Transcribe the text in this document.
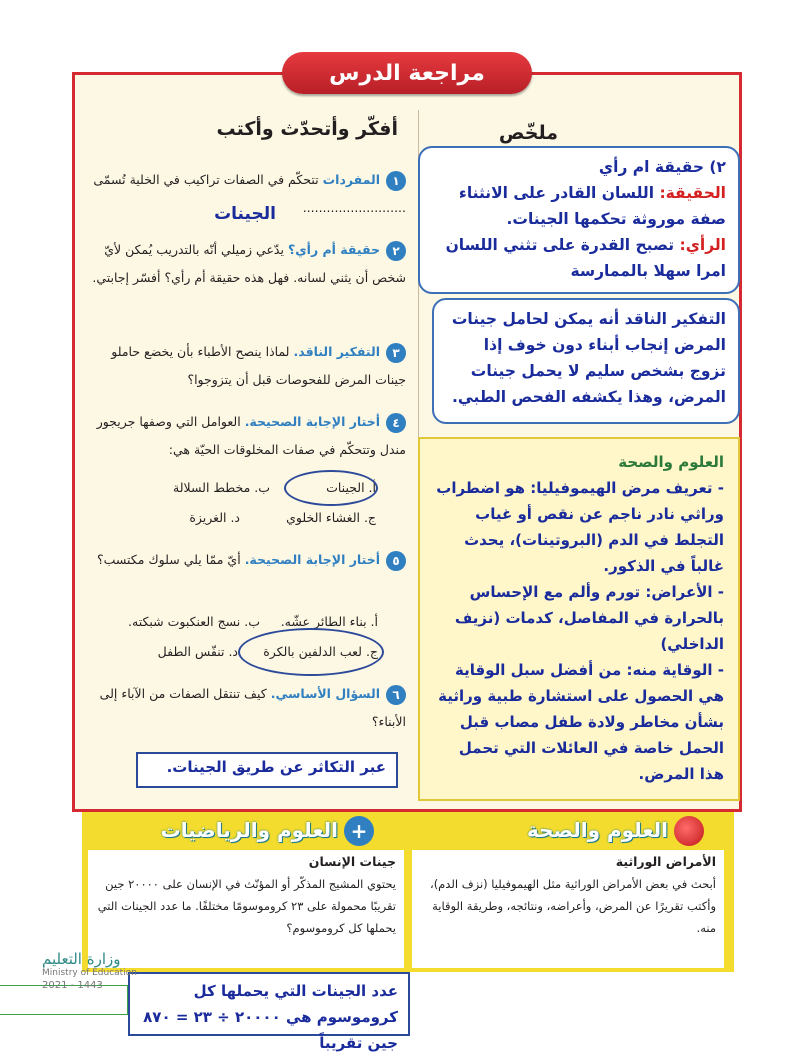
مراجعة الدرس
ملخّص
أفكّر وأتحدّث وأكتب
١المفردات تتحكّم في الصفات تراكيب في الخلية تُسمّى ..........................
الجينات
٢حقيقة أم رأي؟ يدّعي زميلي أنّه بالتدريب يُمكن لأيّ شخص أن يثني لسانه. فهل هذه حقيقة أم رأي؟ أفسّر إجابتي.
٣التفكير الناقد. لماذا ينصح الأطباء بأن يخضع حاملو جينات المرض للفحوصات قبل أن يتزوجوا؟
٤أختار الإجابة الصحيحة. العوامل التي وصفها جريجور مندل وتتحكّم في صفات المخلوقات الحيّة هي:
أ. الجينات
ب. مخطط السلالة
ج. الغشاء الخلوي
د. الغريزة
٥أختار الإجابة الصحيحة. أيّ ممّا يلي سلوك مكتسب؟
أ. بناء الطائر عشّه.
ب. نسج العنكبوت شبكته.
ج. لعب الدلفين بالكرة
د. تنفّس الطفل
٦السؤال الأساسي. كيف تنتقل الصفات من الآباء إلى الأبناء؟
عبر التكاثر عن طريق الجينات.
٢) حقيقة ام رأي
الحقيقة: اللسان القادر على الانثناء صفة موروثة تحكمها الجينات.
الرأي: تصبح القدرة على تثني اللسان امرا سهلا بالممارسة
التفكير الناقد أنه يمكن لحامل جينات المرض إنجاب أبناء دون خوف إذا تزوج بشخص سليم لا يحمل جينات المرض، وهذا يكشفه الفحص الطبي.
العلوم والصحة
- تعريف مرض الهيموفيليا: هو اضطراب وراثي نادر ناجم عن نقص أو غياب التجلط في الدم (البروتينات)، يحدث غالباً في الذكور.
- الأعراض: تورم وألم مع الإحساس بالحرارة في المفاصل، كدمات (نزيف الداخلي)
- الوقاية منه: من أفضل سبل الوقاية هي الحصول على استشارة طبية وراثية بشأن مخاطر ولادة طفل مصاب قبل الحمل خاصة في العائلات التي تحمل هذا المرض.
العلوم والصحة
الأمراض الوراثية
أبحث في بعض الأمراض الوراثية مثل الهيموفيليا (نزف الدم)، وأكتب تقريرًا عن المرض، وأعراضه، ونتائجه، وطريقة الوقاية منه.
+
العلوم والرياضيات
جينات الإنسان
يحتوي المشيج المذكّر أو المؤنّث في الإنسان على ٢٠٠٠٠ جين تقريبًا محمولة على ٢٣ كروموسومًا مختلفًا. ما عدد الجينات التي يحملها كل كروموسوم؟
عدد الجينات التي يحملها كل كروموسوم هي ٢٠٠٠٠ ÷ ٢٣ = ٨٧٠ جين تقريباً
وزارة التعليم
Ministry of Education
2021 - 1443
